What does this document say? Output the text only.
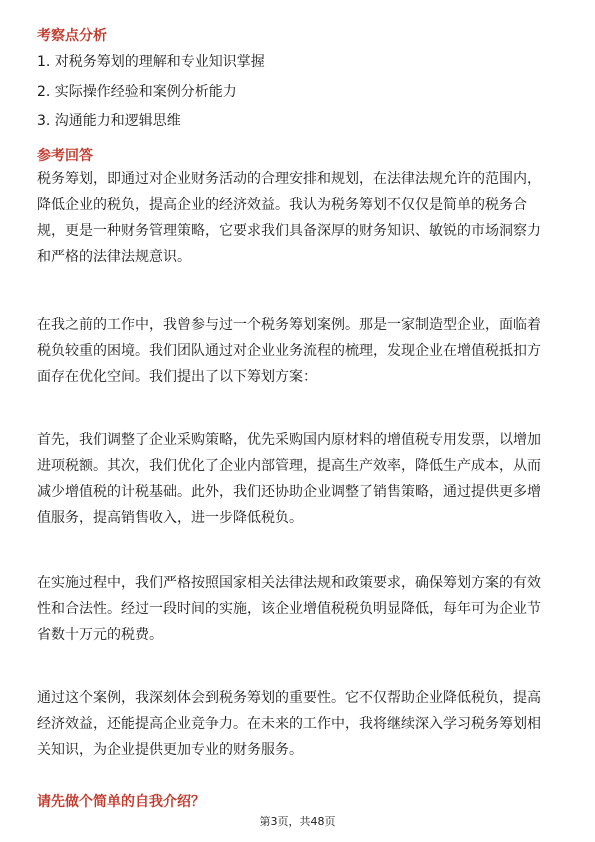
考察点分析
1. 对税务筹划的理解和专业知识掌握
2. 实际操作经验和案例分析能力
3. 沟通能力和逻辑思维
参考回答
税务筹划，即通过对企业财务活动的合理安排和规划，在法律法规允许的范围内，
降低企业的税负，提高企业的经济效益。我认为税务筹划不仅仅是简单的税务合
规，更是一种财务管理策略，它要求我们具备深厚的财务知识、敏锐的市场洞察力
和严格的法律法规意识。
在我之前的工作中，我曾参与过一个税务筹划案例。那是一家制造型企业，面临着
税负较重的困境。我们团队通过对企业业务流程的梳理，发现企业在增值税抵扣方
面存在优化空间。我们提出了以下筹划方案：
首先，我们调整了企业采购策略，优先采购国内原材料的增值税专用发票，以增加
进项税额。其次，我们优化了企业内部管理，提高生产效率，降低生产成本，从而
减少增值税的计税基础。此外，我们还协助企业调整了销售策略，通过提供更多增
值服务，提高销售收入，进一步降低税负。
在实施过程中，我们严格按照国家相关法律法规和政策要求，确保筹划方案的有效
性和合法性。经过一段时间的实施，该企业增值税税负明显降低，每年可为企业节
省数十万元的税费。
通过这个案例，我深刻体会到税务筹划的重要性。它不仅帮助企业降低税负，提高
经济效益，还能提高企业竞争力。在未来的工作中，我将继续深入学习税务筹划相
关知识，为企业提供更加专业的财务服务。
请先做个简单的自我介绍？
第3页，共48页
